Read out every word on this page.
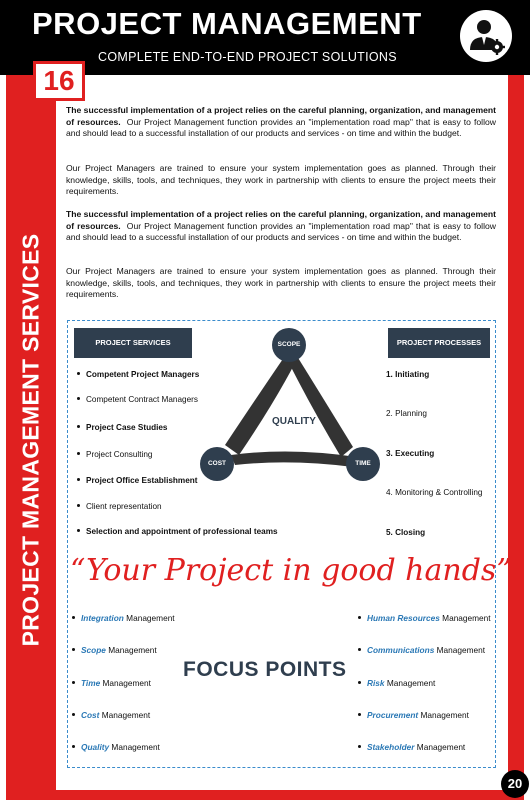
PROJECT MANAGEMENT
COMPLETE END-TO-END PROJECT SOLUTIONS
PROJECT MANAGEMENT SERVICES
16
The successful implementation of a project relies on the careful planning, organization, and management of resources. Our Project Management function provides an "implementation road map" that is easy to follow and should lead to a successful installation of our products and services - on time and within the budget.
Our Project Managers are trained to ensure your system implementation goes as planned. Through their knowledge, skills, tools, and techniques, they work in partnership with clients to ensure the project meets their requirements.
The successful implementation of a project relies on the careful planning, organization, and management of resources. Our Project Management function provides an "implementation road map" that is easy to follow and should lead to a successful installation of our products and services - on time and within the budget.
Our Project Managers are trained to ensure your system implementation goes as planned. Through their knowledge, skills, tools, and techniques, they work in partnership with clients to ensure the project meets their requirements.
PROJECT SERVICES
Competent Project Managers
Competent Contract Managers
Project Case Studies
Project Consulting
Project Office Establishment
Client representation
Selection and appointment of professional teams
PROJECT PROCESSES
1. Initiating
2. Planning
3. Executing
4. Monitoring & Controlling
5. Closing
SCOPE
COST	TIME
QUALITY
“Your Project in good hands”
FOCUS POINTS
Integration Management
Scope Management
Time Management
Cost Management
Quality Management
Human Resources Management
Communications Management
Risk Management
Procurement Management
Stakeholder Management
20
